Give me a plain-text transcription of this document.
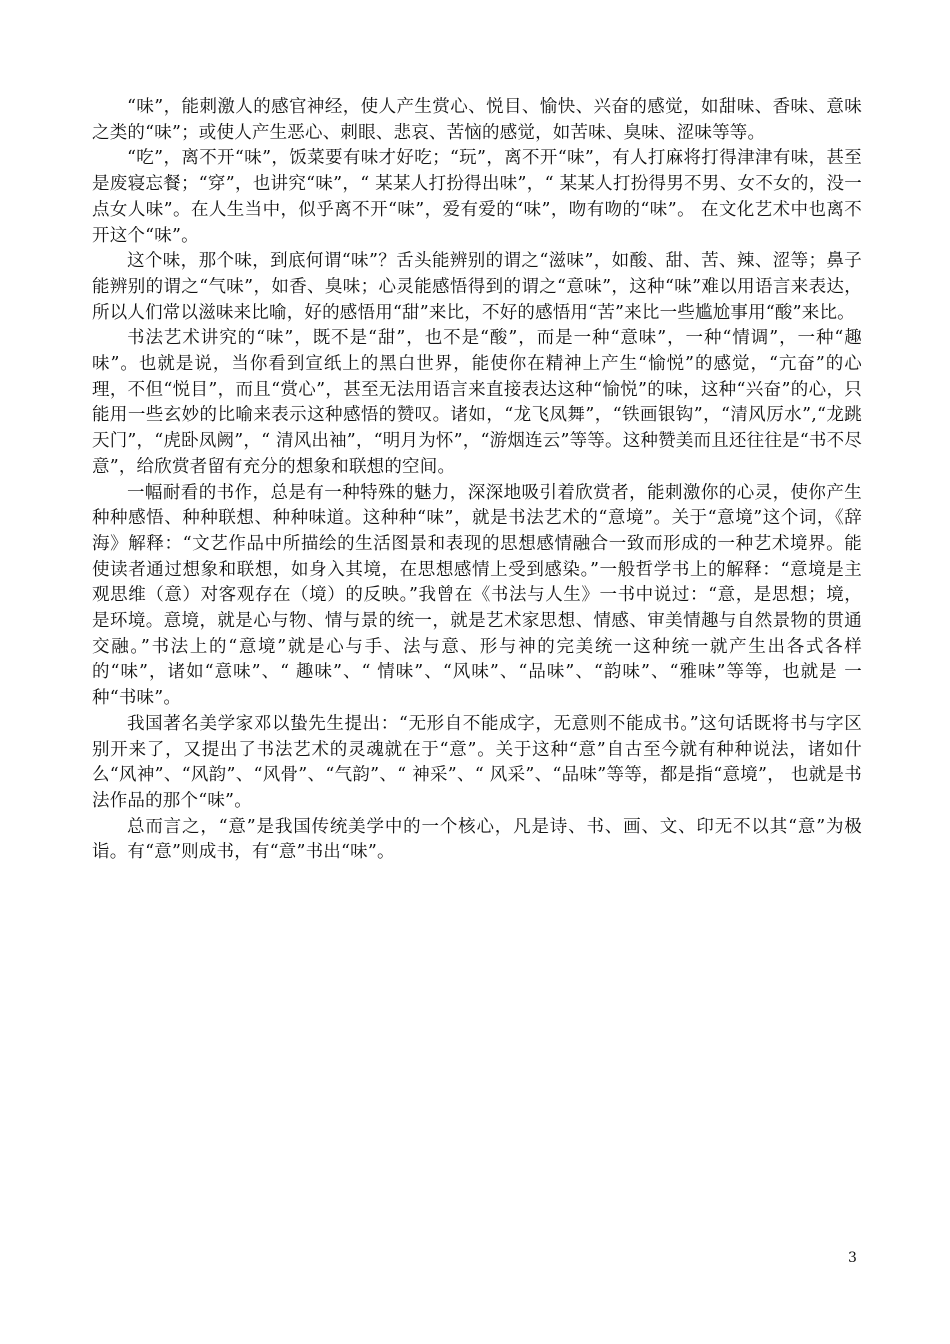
“味”，能刺激人的感官神经，使人产生赏心、悦目、愉快、兴奋的感觉，如甜味、香味、意味之类的“味”；或使人产生恶心、刺眼、悲哀、苦恼的感觉，如苦味、臭味、涩味等等。

“吃”，离不开“味”，饭菜要有味才好吃；“玩”，离不开“味”，有人打麻将打得津津有味，甚至是废寝忘餐；“穿”，也讲究“味”，“ 某某人打扮得出味”，“ 某某人打扮得男不男、女不女的，没一点女人味”。在人生当中，似乎离不开“味”，爱有爱的“味”，吻有吻的“味”。 在文化艺术中也离不开这个“味”。

这个味，那个味，到底何谓“味”？舌头能辨别的谓之“滋味”，如酸、甜、苦、辣、涩等；鼻子能辨别的谓之“气味”，如香、臭味；心灵能感悟得到的谓之“意味”，这种“味”难以用语言来表达，所以人们常以滋味来比喻，好的感悟用“甜”来比，不好的感悟用“苦”来比一些尴尬事用“酸”来比。

书法艺术讲究的“味”，既不是“甜”，也不是“酸”，而是一种“意味”，一种“情调”，一种“趣味”。也就是说，当你看到宣纸上的黑白世界，能使你在精神上产生“愉悦”的感觉，“亢奋”的心理，不但“悦目”，而且“赏心”，甚至无法用语言来直接表达这种“愉悦”的味，这种“兴奋”的心，只能用一些玄妙的比喻来表示这种感悟的赞叹。诸如，“龙飞凤舞”，“铁画银钩”，“清风厉水”,“龙跳天门”，“虎卧凤阙”，“ 清风出袖”，“明月为怀”，“游烟连云”等等。这种赞美而且还往往是“书不尽意”，给欣赏者留有充分的想象和联想的空间。

一幅耐看的书作，总是有一种特殊的魅力，深深地吸引着欣赏者，能刺激你的心灵，使你产生种种感悟、种种联想、种种味道。这种种“味”，就是书法艺术的“意境”。关于“意境”这个词，《辞海》解释：“文艺作品中所描绘的生活图景和表现的思想感情融合一致而形成的一种艺术境界。能使读者通过想象和联想，如身入其境，在思想感情上受到感染。”一般哲学书上的解释：“意境是主观思维（意）对客观存在（境）的反映。”我曾在《书法与人生》一书中说过：“意，是思想；境，是环境。意境，就是心与物、情与景的统一，就是艺术家思想、情感、审美情趣与自然景物的贯通交融。”书法上的“意境”就是心与手、法与意、形与神的完美统一这种统一就产生出各式各样的“味”，诸如“意味”、“ 趣味”、“ 情味”、“风味”、“品味”、“韵味”、“雅味”等等，也就是 一种“书味”。

我国著名美学家邓以蛰先生提出：“无形自不能成字，无意则不能成书。”这句话既将书与字区别开来了，又提出了书法艺术的灵魂就在于“意”。关于这种“意”自古至今就有种种说法，诸如什么“风神”、“风韵”、“风骨”、“气韵”、“ 神采”、“ 风采”、“品味”等等，都是指“意境”， 也就是书法作品的那个“味”。

总而言之，“意”是我国传统美学中的一个核心，凡是诗、书、画、文、印无不以其“意”为极诣。有“意”则成书，有“意”书出“味”。

3
